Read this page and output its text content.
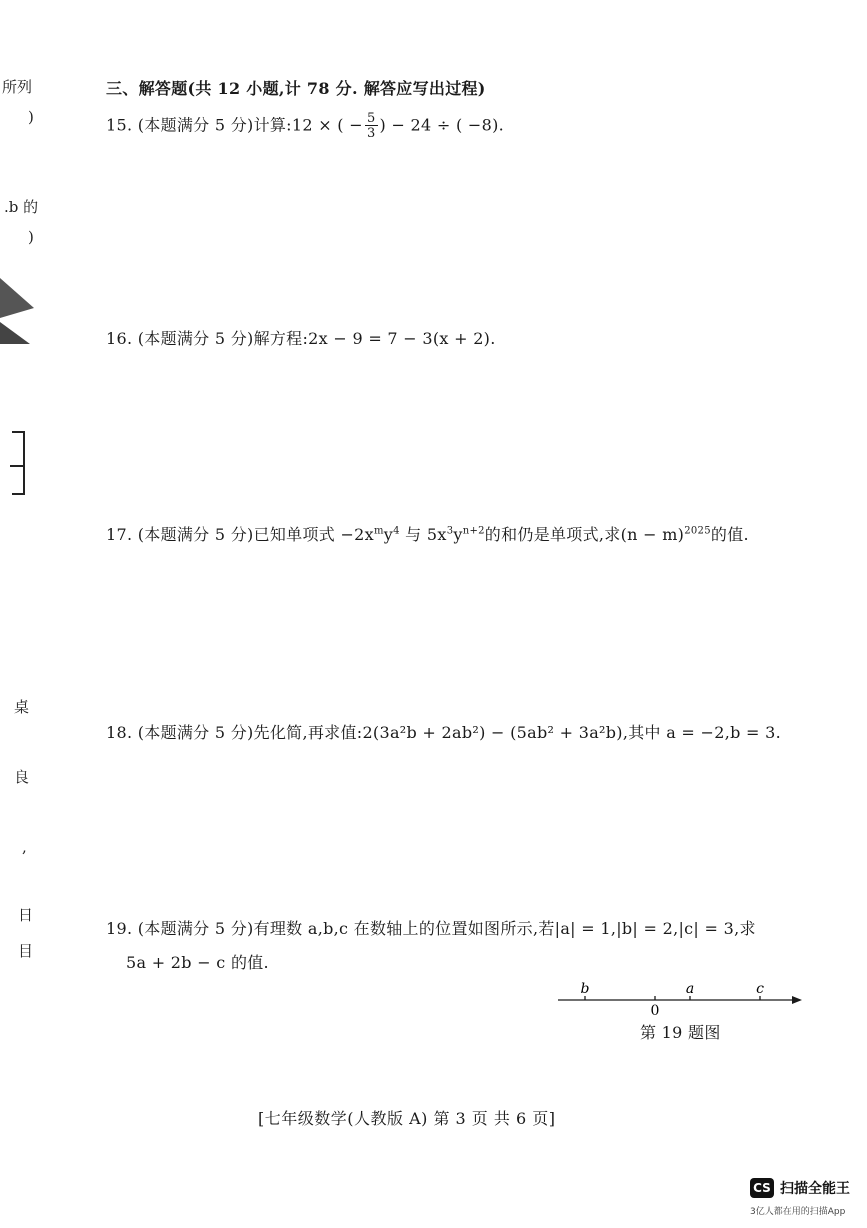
所列
)
.b 的
)
桌
良
,
日
目
三、解答题(共 12 小题,计 78 分. 解答应写出过程)
15. (本题满分 5 分)计算:12 × ( − $\frac{5}{3}$ ) − 24 ÷ ( −8).
16. (本题满分 5 分)解方程:2x − 9 = 7 − 3(x + 2).
17. (本题满分 5 分)已知单项式 $-2x^my^4$ 与 $5x^3y^{n+2}$的和仍是单项式,求$(n - m)^{2025}$的值.
18. (本题满分 5 分)先化简,再求值:2(3a²b + 2ab²) − (5ab² + 3a²b),其中 a = −2,b = 3.
19. (本题满分 5 分)有理数 a,b,c 在数轴上的位置如图所示,若|a| = 1,|b| = 2,|c| = 3,求
5a + 2b − c 的值.
0
b	a	c
第 19 题图
[七年级数学(人教版 A) 第 3 页 共 6 页]
CS 扫描全能王
3亿人都在用的扫描App
